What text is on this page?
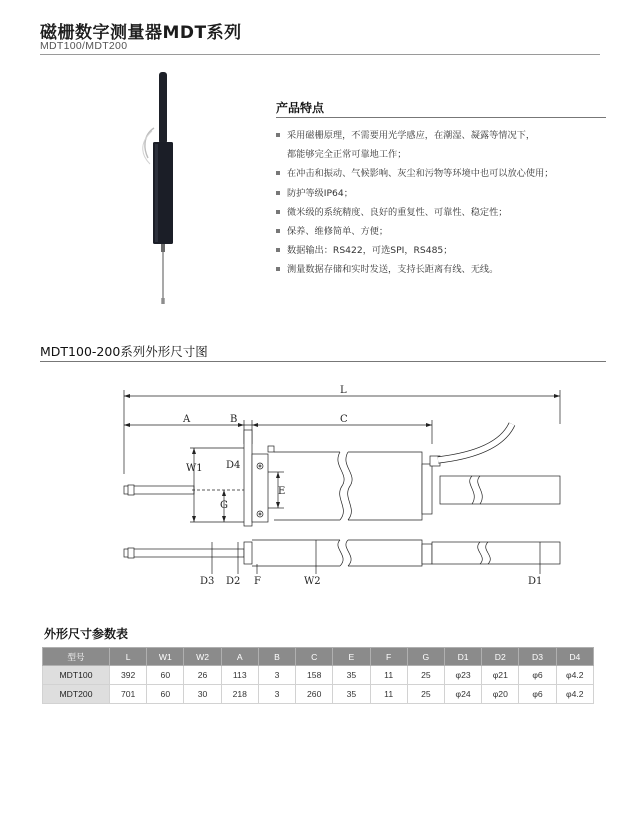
磁栅数字测量器MDT系列
MDT100/MDT200
产品特点
采用磁栅原理，不需要用光学感应，在潮湿、凝露等情况下，
都能够完全正常可靠地工作；
在冲击和振动、气候影响、灰尘和污物等环境中也可以放心使用；
防护等级IP64；
微米级的系统精度、良好的重复性、可靠性、稳定性；
保养、维修简单、方便；
数据输出：RS422，可选SPI，RS485；
测量数据存储和实时发送，支持长距离有线、无线。
MDT100-200系列外形尺寸图
L
A	B	C
W1
G
D4
E
D3 D2 F	W2	D1
外形尺寸参数表
型号	L	W1	W2	A	B	C	E	F	G	D1	D2	D3	D4
MDT100	392	60	26	113	3	158	35	11	25	φ23	φ21	φ6	φ4.2
MDT200	701	60	30	218	3	260	35	11	25	φ24	φ20	φ6	φ4.2
